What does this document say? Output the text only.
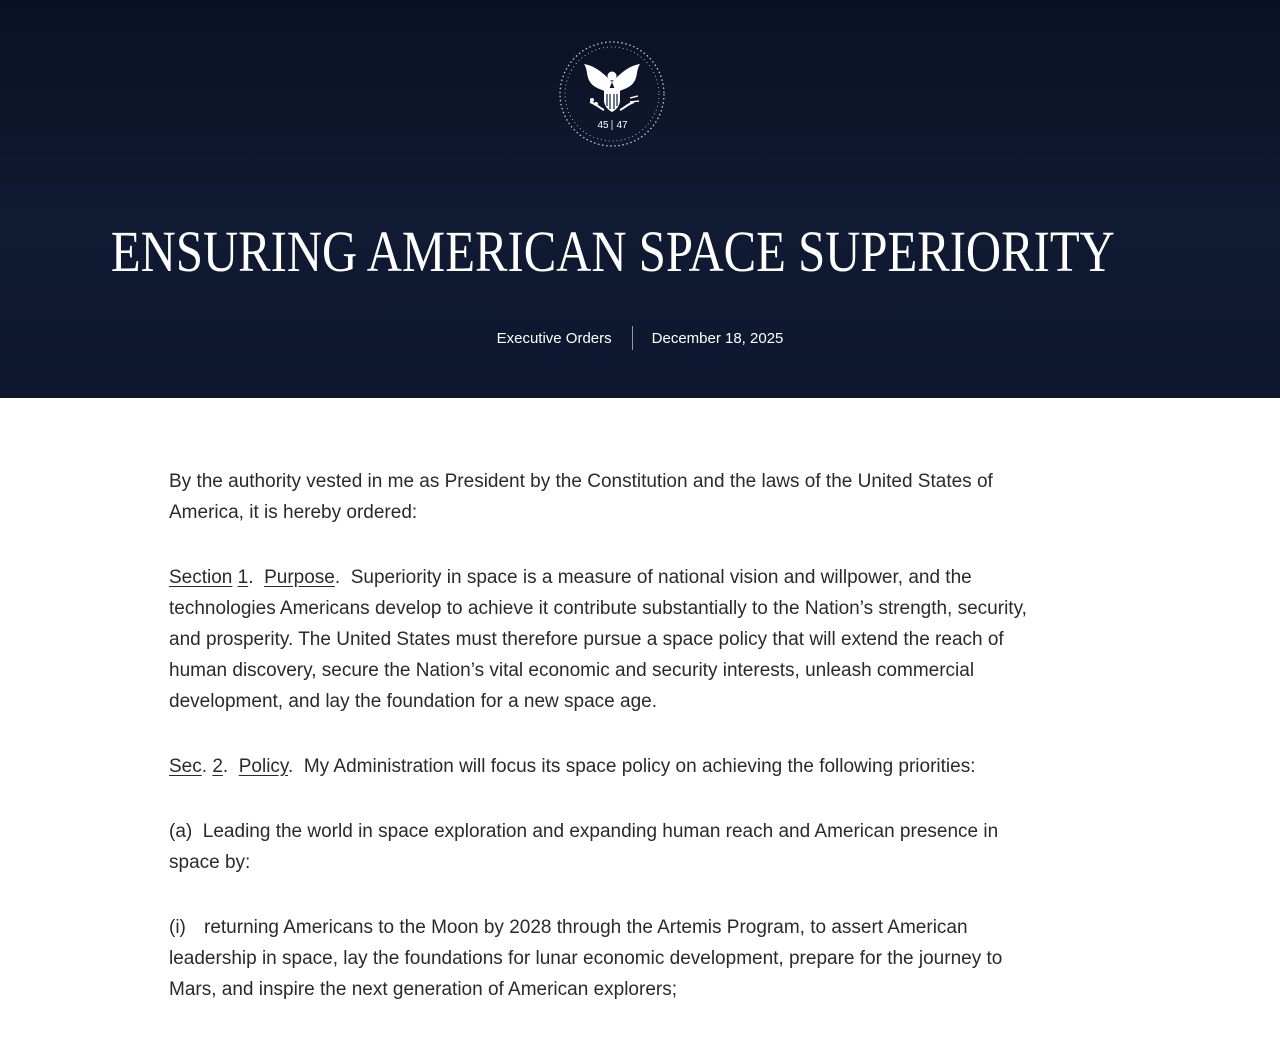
45 47
ENSURING AMERICAN SPACE SUPERIORITY
Executive Orders	December 18, 2025

By the authority vested in me as President by the Constitution and the laws of the United States of America, it is hereby ordered:

Section 1.  Purpose.  Superiority in space is a measure of national vision and willpower, and the technologies Americans develop to achieve it contribute substantially to the Nation’s strength, security, and prosperity. The United States must therefore pursue a space policy that will extend the reach of human discovery, secure the Nation’s vital economic and security interests, unleash commercial development, and lay the foundation for a new space age.

Sec. 2.  Policy.  My Administration will focus its space policy on achieving the following priorities:

(a) Leading the world in space exploration and expanding human reach and American presence in space by:

(i) returning Americans to the Moon by 2028 through the Artemis Program, to assert American leadership in space, lay the foundations for lunar economic development, prepare for the journey to Mars, and inspire the next generation of American explorers;
